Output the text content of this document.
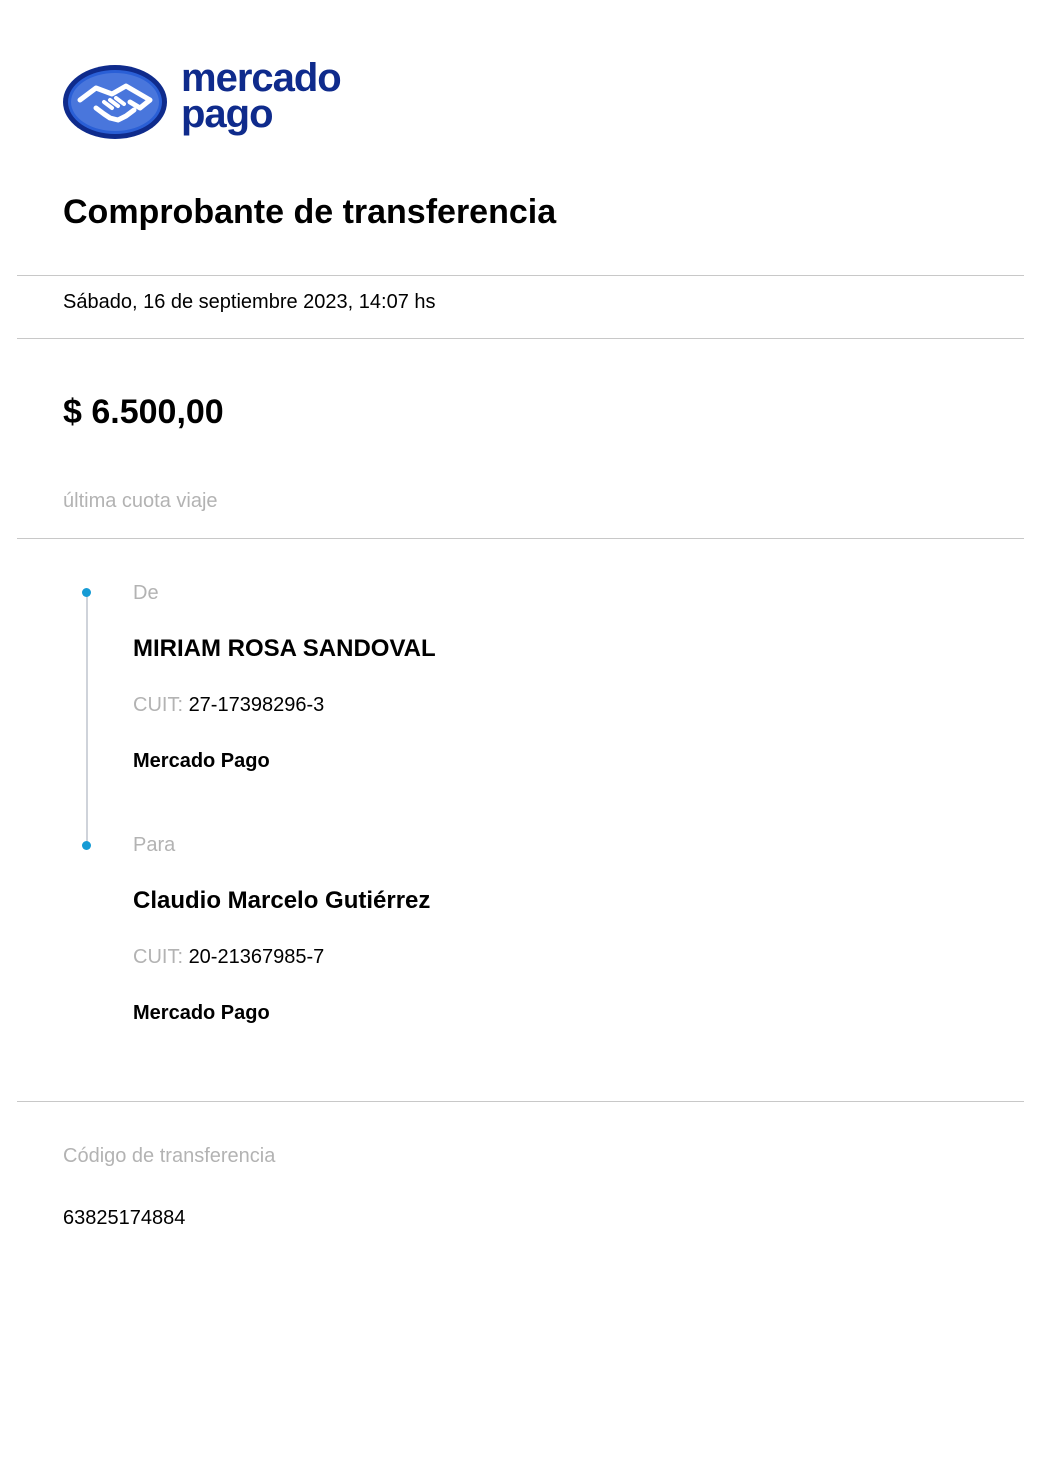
mercado
pago
Comprobante de transferencia
Sábado, 16 de septiembre 2023, 14:07 hs
$ 6.500,00
última cuota viaje
De
MIRIAM ROSA SANDOVAL
CUIT: 27-17398296-3
Mercado Pago
Para
Claudio Marcelo Gutiérrez
CUIT: 20-21367985-7
Mercado Pago
Código de transferencia
63825174884
